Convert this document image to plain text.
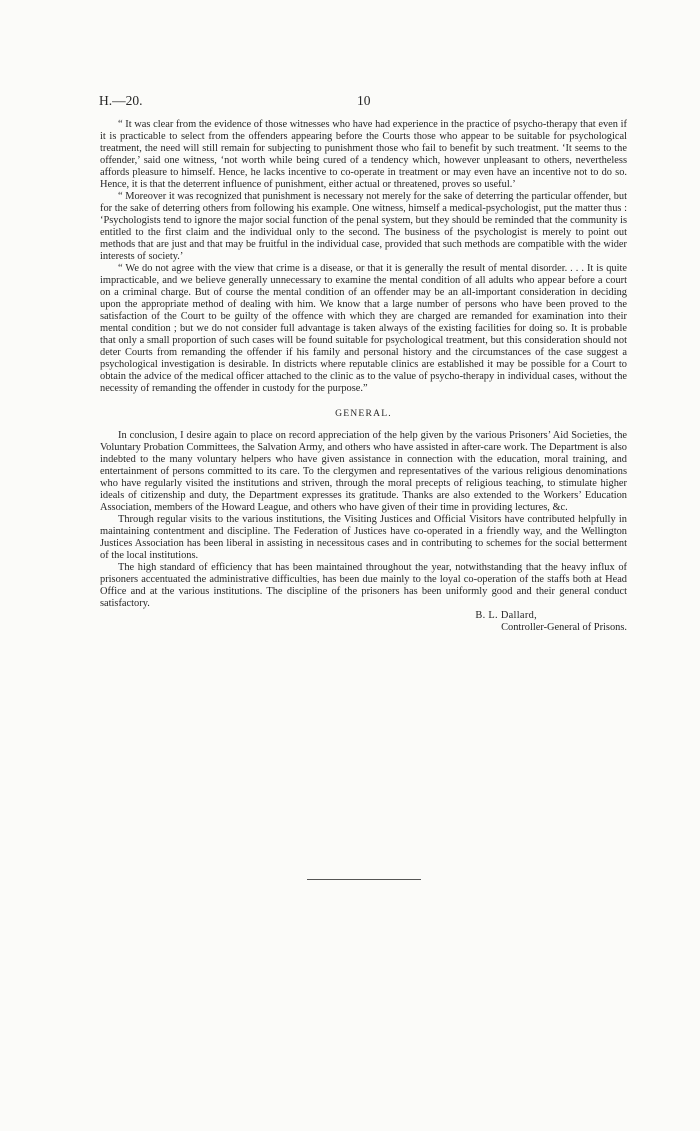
H.—20.	10

“ It was clear from the evidence of those witnesses who have had experience in the practice of psycho-therapy that even if it is practicable to select from the offenders appearing before the Courts those who appear to be suitable for psychological treatment, the need will still remain for subjecting to punishment those who fail to benefit by such treatment. ‘It seems to the offender,’ said one witness, ‘not worth while being cured of a tendency which, however unpleasant to others, nevertheless affords pleasure to himself. Hence, he lacks incentive to co-operate in treatment or may even have an incentive not to do so. Hence, it is that the deterrent influence of punishment, either actual or threatened, proves so useful.’

“ Moreover it was recognized that punishment is necessary not merely for the sake of deterring the particular offender, but for the sake of deterring others from following his example. One witness, himself a medical-psychologist, put the matter thus : ‘Psychologists tend to ignore the major social function of the penal system, but they should be reminded that the community is entitled to the first claim and the individual only to the second. The business of the psychologist is merely to point out methods that are just and that may be fruitful in the individual case, provided that such methods are compatible with the wider interests of society.’

“ We do not agree with the view that crime is a disease, or that it is generally the result of mental disorder. . . . It is quite impracticable, and we believe generally unnecessary to examine the mental condition of all adults who appear before a court on a criminal charge. But of course the mental condition of an offender may be an all-important consideration in deciding upon the appropriate method of dealing with him. We know that a large number of persons who have been proved to the satisfaction of the Court to be guilty of the offence with which they are charged are remanded for examination into their mental condition ; but we do not consider full advantage is taken always of the existing facilities for doing so. It is probable that only a small proportion of such cases will be found suitable for psychological treatment, but this consideration should not deter Courts from remanding the offender if his family and personal history and the circumstances of the case suggest a psychological investigation is desirable. In districts where reputable clinics are established it may be possible for a Court to obtain the advice of the medical officer attached to the clinic as to the value of psycho-therapy in individual cases, without the necessity of remanding the offender in custody for the purpose.”

GENERAL.

In conclusion, I desire again to place on record appreciation of the help given by the various Prisoners’ Aid Societies, the Voluntary Probation Committees, the Salvation Army, and others who have assisted in after-care work. The Department is also indebted to the many voluntary helpers who have given assistance in connection with the education, moral training, and entertainment of persons committed to its care. To the clergymen and representatives of the various religious denominations who have regularly visited the institutions and striven, through the moral precepts of religious teaching, to stimulate higher ideals of citizenship and duty, the Department expresses its gratitude. Thanks are also extended to the Workers’ Education Association, members of the Howard League, and others who have given of their time in providing lectures, &c.

Through regular visits to the various institutions, the Visiting Justices and Official Visitors have contributed helpfully in maintaining contentment and discipline. The Federation of Justices have co-operated in a friendly way, and the Wellington Justices Association has been liberal in assisting in necessitous cases and in contributing to schemes for the social betterment of the local institutions.

The high standard of efficiency that has been maintained throughout the year, notwithstanding that the heavy influx of prisoners accentuated the administrative difficulties, has been due mainly to the loyal co-operation of the staffs both at Head Office and at the various institutions. The discipline of the prisoners has been uniformly good and their general conduct satisfactory.

B. L. Dallard,
Controller-General of Prisons.
